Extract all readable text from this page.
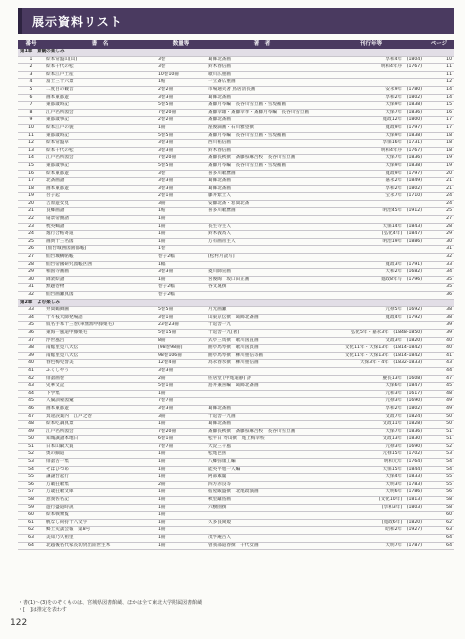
展示資料リスト
番号	書　名	数量等	著　者	刊行年等	ページ
第1章　景観の楽しみ					
1	絵本常盤山[山]	3巻	葛飾北斎画	享和4年　(1804)	10
2	絵本千代の松	3巻	鈴木春信画	明和4年序　(1767)	11
3	絵本江戸土産	10巻10冊	歌川広重画		11
4	富士三十六景	1帖	一立斎広重画		12
5	二度目の観音	2巻2冊	市場通笑著 鳥居清長画	安永9年　(1780)	14
6	画本東都遊	3巻3冊	葛飾北斎画	享和2年　(1802)	14
7	東都歳時記	5巻5冊	斎藤月岑編　長谷川雪旦画・雪堤補画	天保9年　(1838)	15
8	江戸名所図会	7巻20冊	斎藤幸雄・斎藤幸孝・斎藤月岑編　長谷川雪旦画	天保7年　(1836)	16
9	東都歳事記	2巻2冊	斎藤北斎画	寛政12年　(1800)	17
10	絵本江戸の貌	1冊	窪俊満画・石川雅望撰	寛政9年　(1797)	17
11	東都歳時記	5巻5冊	斎藤月岑編　長谷川雪旦画・雪堤補画	天保9年　(1838)	18
12	絵本常盤草	3巻3冊	西川祐信画	享保16年　(1731)	18
13	絵本千代の松	3巻3冊	鈴木春信画	明和4年序　(1767)	18
14	江戸名所図会	7巻20冊	斎藤長秋撰　斎藤県麻呂校　長谷川雪旦画	天保7年　(1836)	19
15	東都歳事記	5巻5冊	斎藤月岑編　長谷川雪旦画・雪堤補画	天保9年　(1838)	19
16	絵本東都遊	3巻	喜多川歌麿画	寛政9年　(1797)	20
17	北斎画譜	3巻3冊	葛飾北斎画	嘉永2年　(1849)	21
18	画本東都遊	3巻3冊	葛飾北斎画	享和2年　(1802)	21
19	吾子起	2巻1冊	藤井紫土人	宝永7年　(1710)	24
20	吉原遊女見	3冊	安藤北斎・窓間北斎		24
21	良郷画譜	1帖	喜多川歌麿画	明治45年　(1912)	25
22	扇景帝圏譜	1冊			27
23	枕英蝋譜	1冊	長生寺主人	天保14年　(1843)	28
24	逸行合帖寄道	1冊	鈴木義為人	[弘化4年]　(1847)	29
25	画典十三名図	1冊	万有画帝主人	明治19年　(1886)	30
26	[仙台城囲図園都帳]	1巻			31
27	仙台城構帖帳	巻子2幅	[松村月読写]		32
28	仙台帝國研究図帳区囲	1幅		寛政3年　(1791)	33
29	相国寺画画	3巻3冊	菱川師宣画	天和2年　(1682)	34
30	降衆絵譜	1冊	宮俊陶　坂口田正画	寛政8年写　(1796)	35
31	無題巻物	巻子2幅	谷文晁撰		35
32	仙台画瀬真図	巻子2幅			36
第2章　よむ楽しみ					
33	弁間鶴舞圖	5巻5冊	月光画瀬	元禄5年　(1692)	38
34	十々枝大師発場語	3巻1冊	山東京伝撰　葛飾北斎画	寛政4年　(1792)	38
35	仮名手本十三巻(車無源中膝栗毛)	23巻23冊	十返舎一九		39
36	東海一風道中膝栗毛	5巻15冊	十返舎一九[著]	弘化5年・嘉永3年　(1848-1850)	39
37	浮世風呂	8冊	式亭三馬撰　歌川国直画	文政3年　(1820)	40
38	南総里見八犬伝	[98巻98冊]	曲亭馬琴撰　歌川国貞画	文化11年・天保13年　(1814-1842)	40
39	南総里見八犬伝	98巻106冊	曲亭馬琴撰　柳川重信等画	文化11年・天保13年　(1814-1842)	41
40	春色梅児誉美	12巻4冊	為永春水撰　柳川重信画	天保3年・4年　(1832-1833)	43
41	ふくしやう	3巻3冊			44
42	俳諧画巻	2冊	佐居堂 [中尾道静] 評	慶長13年　(1608)	47
43	史華文記	5巻1冊	島井兼喜編　葛飾北斎画	天保6年　(1847)	45
44	下学集	1冊		元和3年　(1617)	48
45	人倫訓蒙図彙	7巻7冊		元禄3年　(1690)	49
46	画本東都遊	3巻3冊	葛飾北斎画	享和2年　(1802)	49
47	冥途誤案内　江戸之巻	3冊	十返舎一九画	文政7年　(1824)	50
48	絵本吃調真景	1冊	葛飾北斎画	文政11年　(1828)	50
49	江戸名所図会	7巻20冊	斎藤長秋撰　斎藤県麻呂校　長谷川雪旦画	天保7年　(1836)	51
50	知城誠譜本地日	6巻1冊	松平日 寿山撰　尾上梅幸校	文政13年　(1830)	51
51	日本山賦大賞	7巻7冊	大淀三千風	元禄3年　(1690)	52
52	奥の細道	1冊	松尾芭蕉	元禄15年　(1702)	53
53	俳諧古一集	1冊	八郷弥康工編	明和元年　(1764)	54
54	そばひつめ	1冊	能英平旭一人編	天保15年　(1844)	54
55	謙譲台起行	1冊	阿部素閣	天保4年　(1833)	55
56	万載狂歌集	2冊	四方赤良等	天明3年　(1783)	55
57	万歳狂歌文庫	1冊	宿屋飯盛撰　北尾政演画	天明6年　(1786)	56
58	意義佐名記	1冊	秋里籬島画	[文化10年]　(1813)	58
59	遊行盛道時説	1冊	六樹園撰	[享和3年]　(1803)	58
60	絵本戦乗覧	1冊			60
61	帆なし荷持十八文字	1冊	久多良岡規	[寛政6年]　(1820)	62
62	郷土史談会報　第8号	1冊		昭和2年　(1927)	63
63	美知乃久祖里	1冊	茂孚庵古人		64
64	北越後名代家長切貸出陸世生木	1冊	曾我部道春撰　千代女画	天明7年　(1787)	64
・書(1)～(3)をのぞくものは、宮城県図書館蔵、ほかは全て東北大学附属図書館蔵
・[　]は推定を表わす
122
